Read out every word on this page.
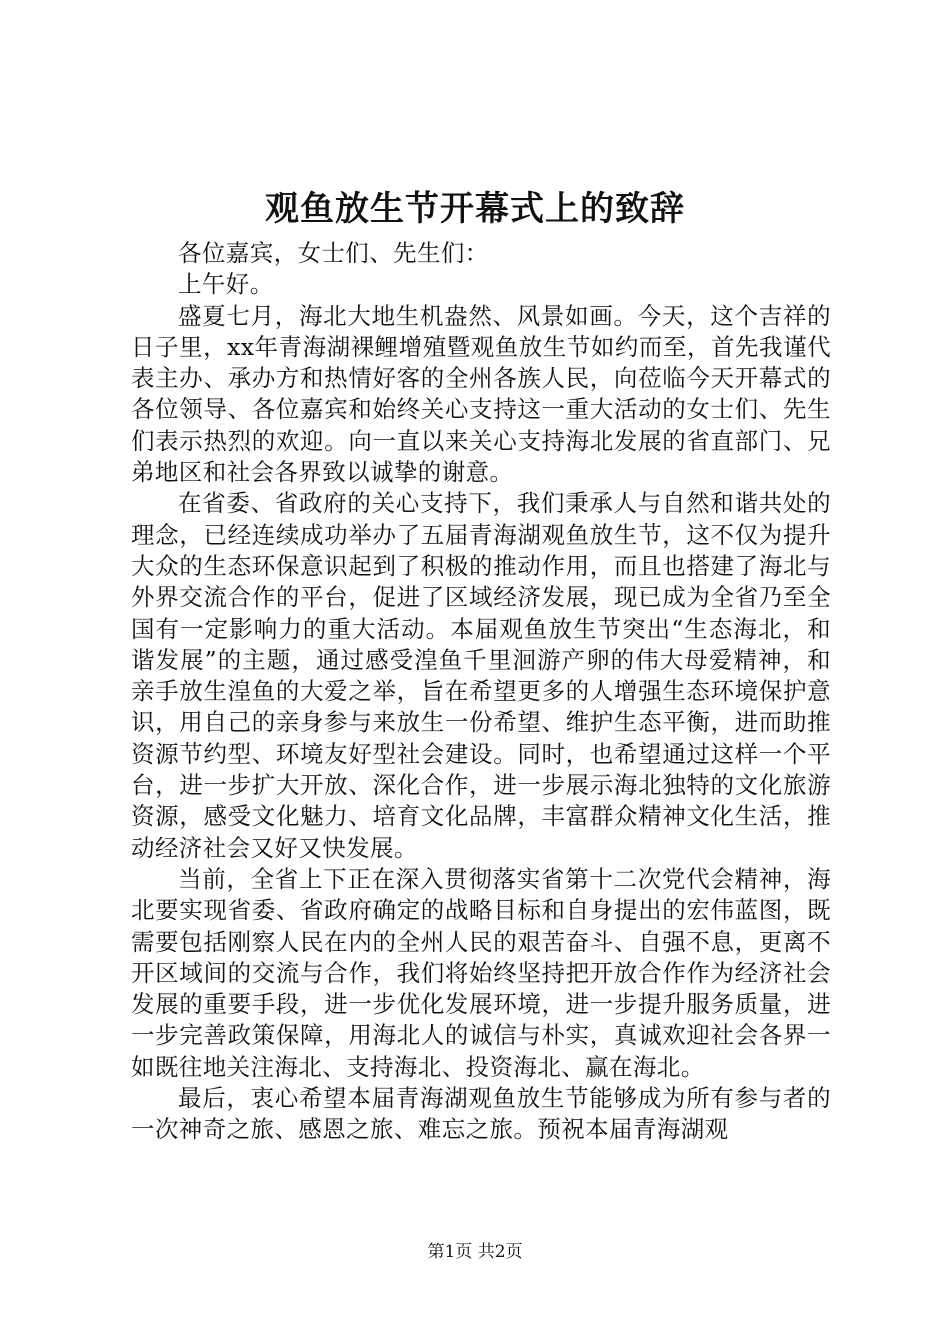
观鱼放生节开幕式上的致辞

各位嘉宾，女士们、先生们：

上午好。

盛夏七月，海北大地生机盎然、风景如画。今天，这个吉祥的日子里，xx年青海湖裸鲤增殖暨观鱼放生节如约而至，首先我谨代表主办、承办方和热情好客的全州各族人民，向莅临今天开幕式的各位领导、各位嘉宾和始终关心支持这一重大活动的女士们、先生们表示热烈的欢迎。向一直以来关心支持海北发展的省直部门、兄弟地区和社会各界致以诚挚的谢意。

在省委、省政府的关心支持下，我们秉承人与自然和谐共处的理念，已经连续成功举办了五届青海湖观鱼放生节，这不仅为提升大众的生态环保意识起到了积极的推动作用，而且也搭建了海北与外界交流合作的平台，促进了区域经济发展，现已成为全省乃至全国有一定影响力的重大活动。本届观鱼放生节突出“生态海北，和谐发展”的主题，通过感受湟鱼千里洄游产卵的伟大母爱精神，和亲手放生湟鱼的大爱之举，旨在希望更多的人增强生态环境保护意识，用自己的亲身参与来放生一份希望、维护生态平衡，进而助推资源节约型、环境友好型社会建设。同时，也希望通过这样一个平台，进一步扩大开放、深化合作，进一步展示海北独特的文化旅游资源，感受文化魅力、培育文化品牌，丰富群众精神文化生活，推动经济社会又好又快发展。

当前，全省上下正在深入贯彻落实省第十二次党代会精神，海北要实现省委、省政府确定的战略目标和自身提出的宏伟蓝图，既需要包括刚察人民在内的全州人民的艰苦奋斗、自强不息，更离不开区域间的交流与合作，我们将始终坚持把开放合作作为经济社会发展的重要手段，进一步优化发展环境，进一步提升服务质量，进一步完善政策保障，用海北人的诚信与朴实，真诚欢迎社会各界一如既往地关注海北、支持海北、投资海北、赢在海北。

最后，衷心希望本届青海湖观鱼放生节能够成为所有参与者的一次神奇之旅、感恩之旅、难忘之旅。预祝本届青海湖观

第1页 共2页
